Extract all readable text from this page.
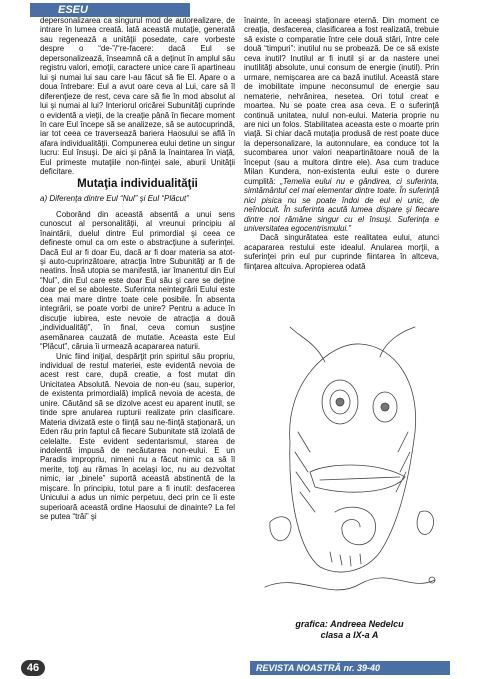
ESEU

depersonalizarea ca singurul mod de autorealizare, de intrare în lumea creată. Iată această mutaţie, generată sau regenează a unităţii posedate, care vorbeste despre o “de-”/“re-facere: dacă Eul se depersonalizează, înseamnă că a deţinut în amplul său registru valori, emoţii, caractere unice care îi apartineau lui şi numai lui sau care l-au făcut să fie El. Apare o a doua întrebare: Eul a avut oare ceva al Lui, care să îl diferenţieze de rest, ceva care să fie în mod absolut al lui şi numai al lui? Interiorul oricărei Subunităţi cuprinde o evidentă a vieţii, de la creaţie până în fiecare moment în care Eul începe să se analizeze, să se autocuprindă, iar tot ceea ce traversează bariera Haosului se află în afara individualităţii. Compunerea eului detine un singur lucru: Eul însuşi. De aici şi până la înaintarea în viaţă, Eul primeste mutaţiile non-fiinţei sale, aburii Unităţii deficitare.

Mutaţia individualităţii
a) Diferenţa dintre Eul “Nul” şi Eul “Plăcut”

Coborând din această absentă a unui sens cunoscut al personalităţii, al vreunui principiu al înaintării, duelul dintre Eul primordial şi ceea ce defineste omul ca om este o abstracţiune a suferinţei. Dacă Eul ar fi doar Eu, dacă ar fi doar materia sa atot- şi auto-cuprinzătoare, atracţia între Subunităţi ar fi de neatins. Însă utopia se manifestă, iar îmanentul din Eul “Nul”, din Eul care este doar Eul său şi care se deţine doar pe el se aboleste. Suferinta neintegrării Eului este cea mai mare dintre toate cele posibile. În absenta integrării, se poate vorbi de unire? Pentru a aduce în discuţie iubirea, este nevoie de atracţia a două „individualităţi”, în final, ceva comun susţine asemănarea cauzată de mutatie. Aceasta este Eul “Plăcut”, căruia îi urmează acapararea naturii.

Unic fiind iniţial, despărţit prin spiritul său propriu, individual de restul materiei, este evidentă nevoia de acest rest care, după creatie, a fost mutat din Unicitatea Absolută. Nevoia de non-eu (sau, superior, de existenta primordială) implică nevoia de acesta, de unire. Căutând să se dizolve acest eu aparent inutil, se tinde spre anularea rupturii realizate prin clasificare. Materia divizată este o fiinţă sau ne-fiinţă staţionară, un Eden rău prin faptul că fiecare Subunitate stă izolată de celelalte. Este evident sedentarismul, starea de indolentă impusă de necăutarea non-eului. E un Paradis impropriu, nimeni nu a făcut nimic ca să îl merite, toţi au rămas în acelaşi loc, nu au dezvoltat nimic, iar „binele” suportă această abstinentă de la mişcare. În principiu, totul pare a fi inutil: desfacerea Unicului a adus un nimic perpetuu, deci prin ce îi este superioară această ordine Haosului de dinainte? La fel se putea “trăi” şi

înainte, în aceeaşi staţionare eternă. Din moment ce creaţia, desfacerea, clasificarea a fost realizată, trebuie să existe o comparatie între cele două stări, între cele două “timpuri”: inutilul nu se probează. De ce să existe ceva inutil? Inutilul ar fi inutil şi ar da nastere unei inutilităţi absolute, unui consum de energie (inutil). Prin urmare, nemişcarea are ca bază inutilul. Această stare de imobilitate impune neconsumul de energie sau nematerie, nehrănirea, nesetea. Ori totul creat e moartea. Nu se poate crea asa ceva. E o suferinţă continuă unitatea, nulul non-eului. Materia proprie nu are nici un folos. Stabilitatea aceasta este o moarte prin viaţă. Si chiar dacă mutaţia produsă de rest poate duce la depersonalizare, la autonnulare, ea conduce tot la sucombarea unor valori neapartinătoare nouă de la început (sau a multora dintre ele). Asa cum traduce Milan Kundera, non-existenta eului este o durere cumplită: „Temelia eului nu e gândirea, ci suferinta, simtământul cel mai elementar dintre toate. În suferinţă nici pisica nu se poate îndoi de eul ei unic, de neînlocuit. În suferinta acută lumea dispare şi fiecare dintre noi rămâne singur cu el însuşi. Suferinţa e universitatea egocentrismului.”

Dacă singurătatea este realitatea eului, atunci acapararea restului este idealul. Anularea morţii, a suferinţei prin eul pur cuprinde fiintarea în altceva, fiinţarea altcuiva. Apropierea odată

grafica: Andreea Nedelcu
clasa a IX-a A
46	REVISTA NOASTRĂ nr. 39-40
